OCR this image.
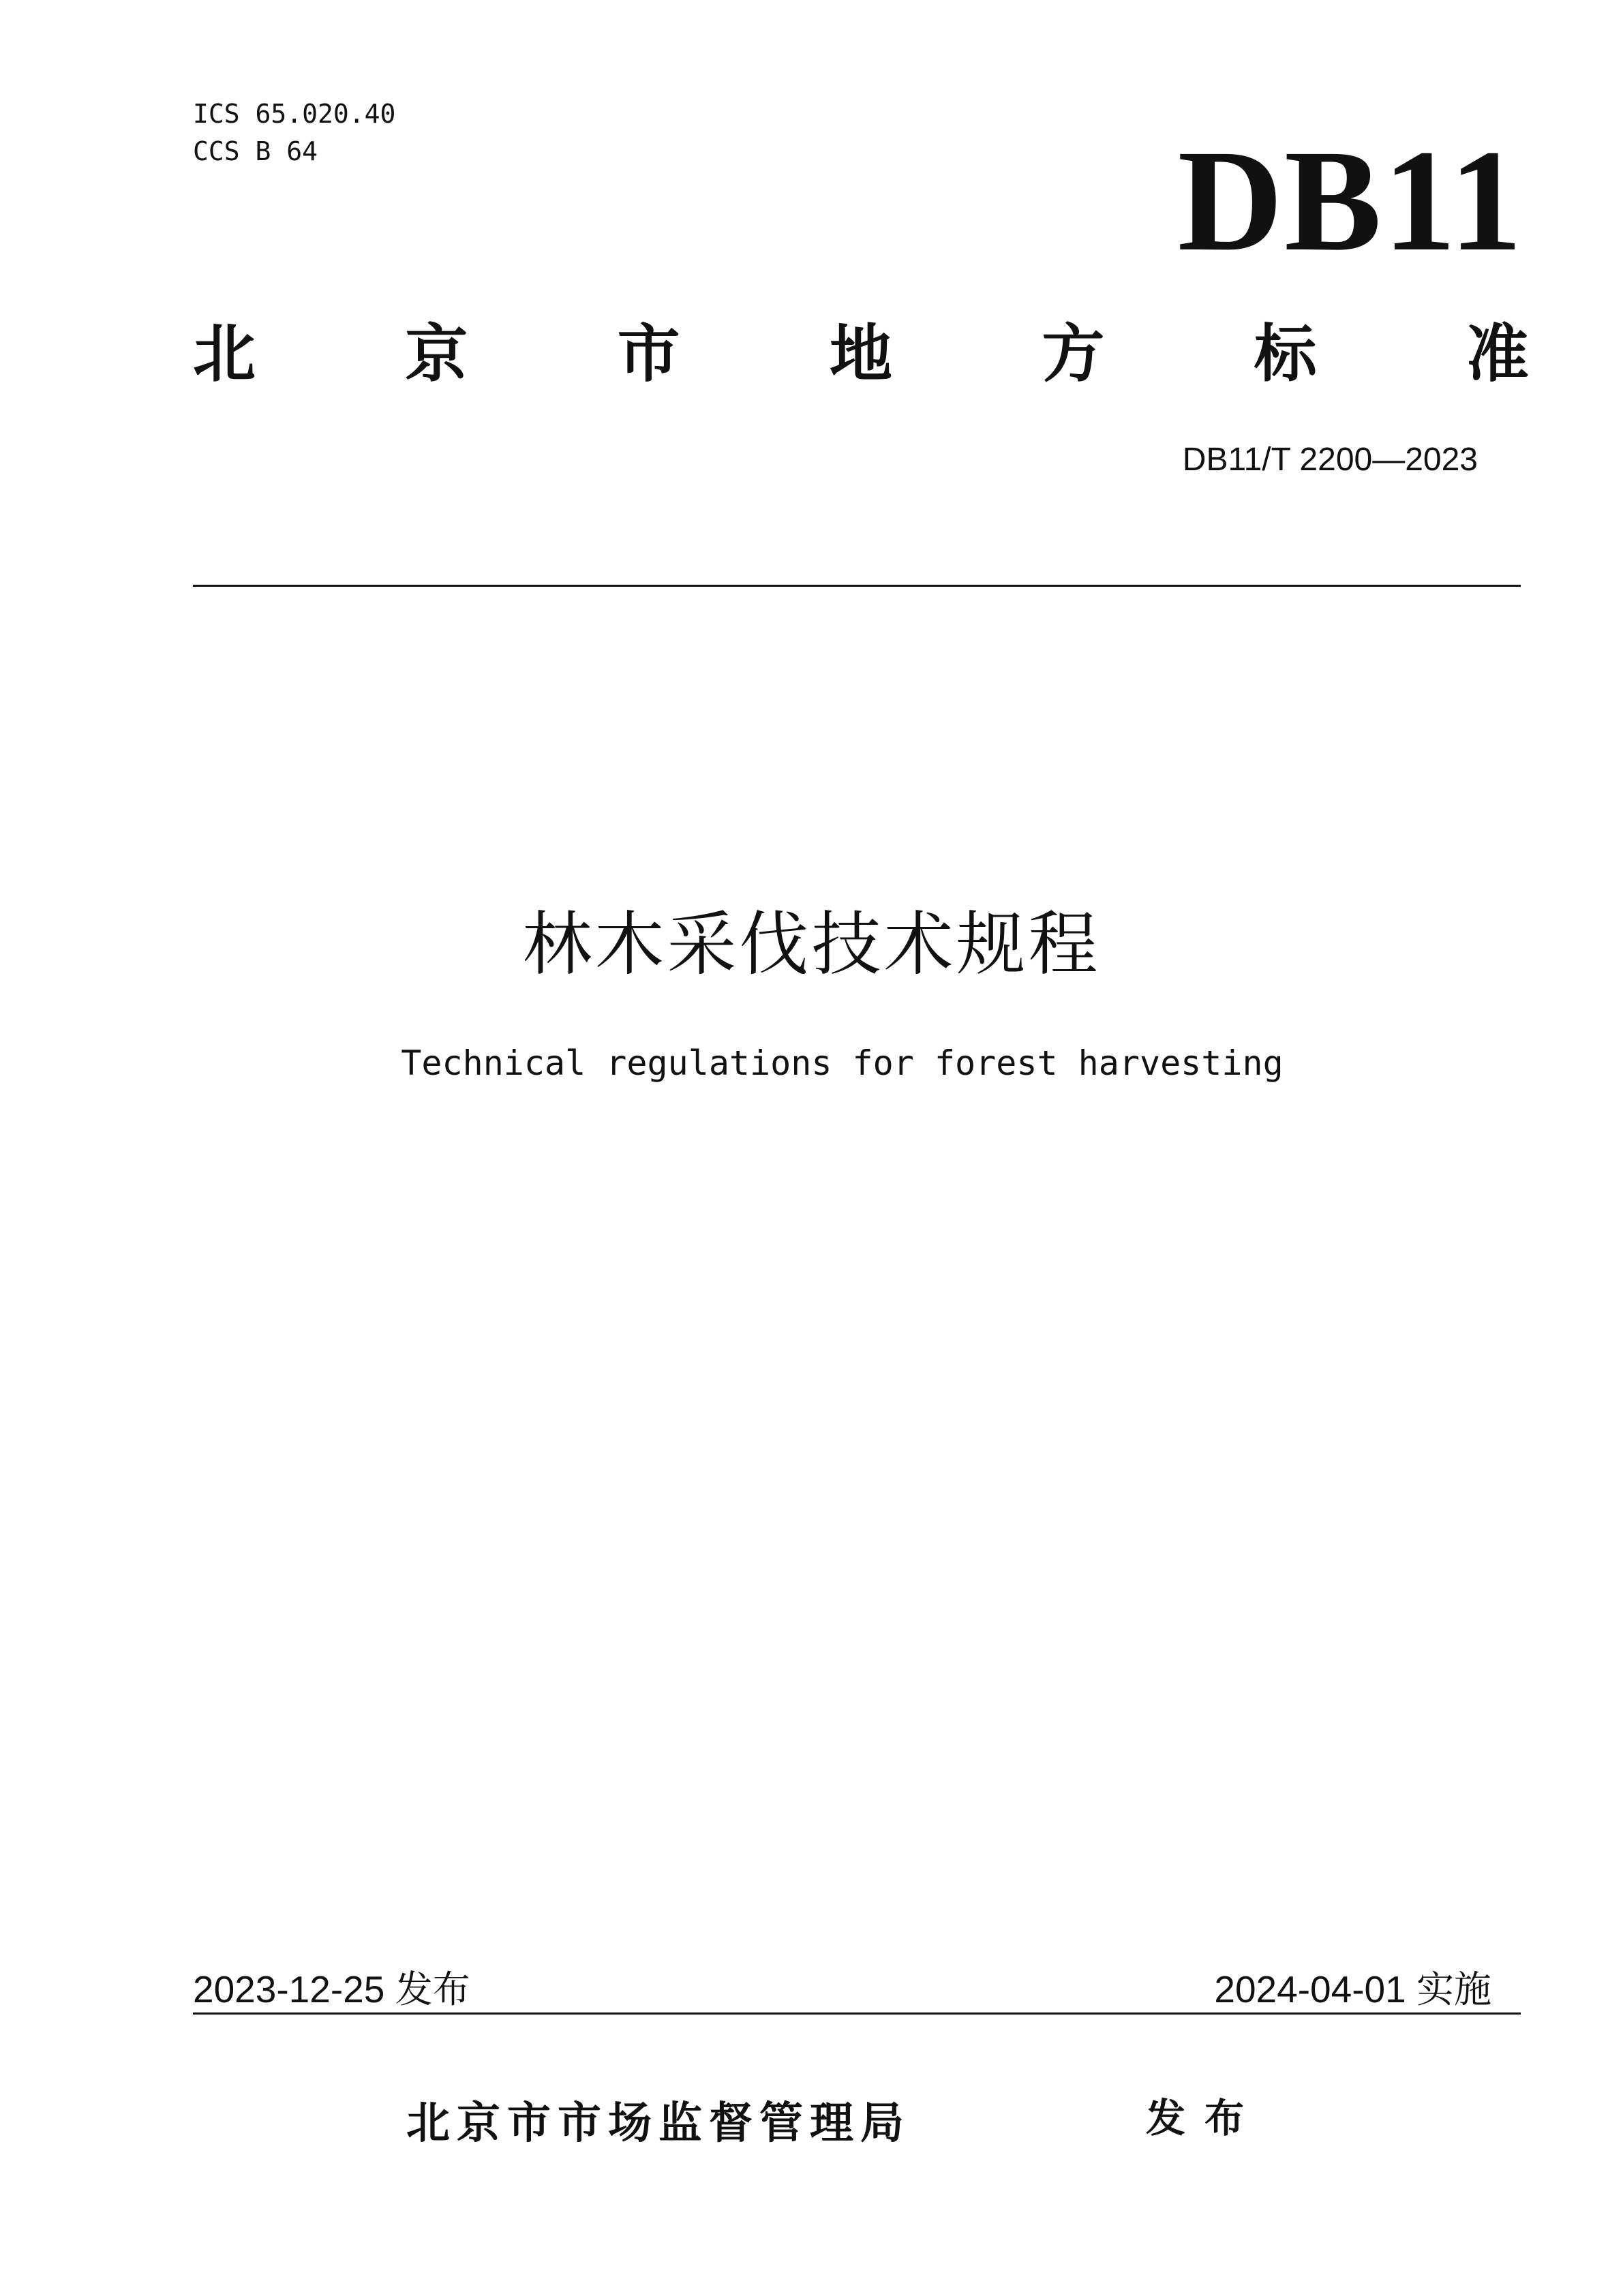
ICS 65.020.40
CCS B 64	DB11
北 京 市 地 方 标 准
DB11/T 2200—2023
林木采伐技术规程
Technical regulations for forest harvesting
2023-12-25 发布	2024-04-01 实施
北京市市场监督管理局	发布
